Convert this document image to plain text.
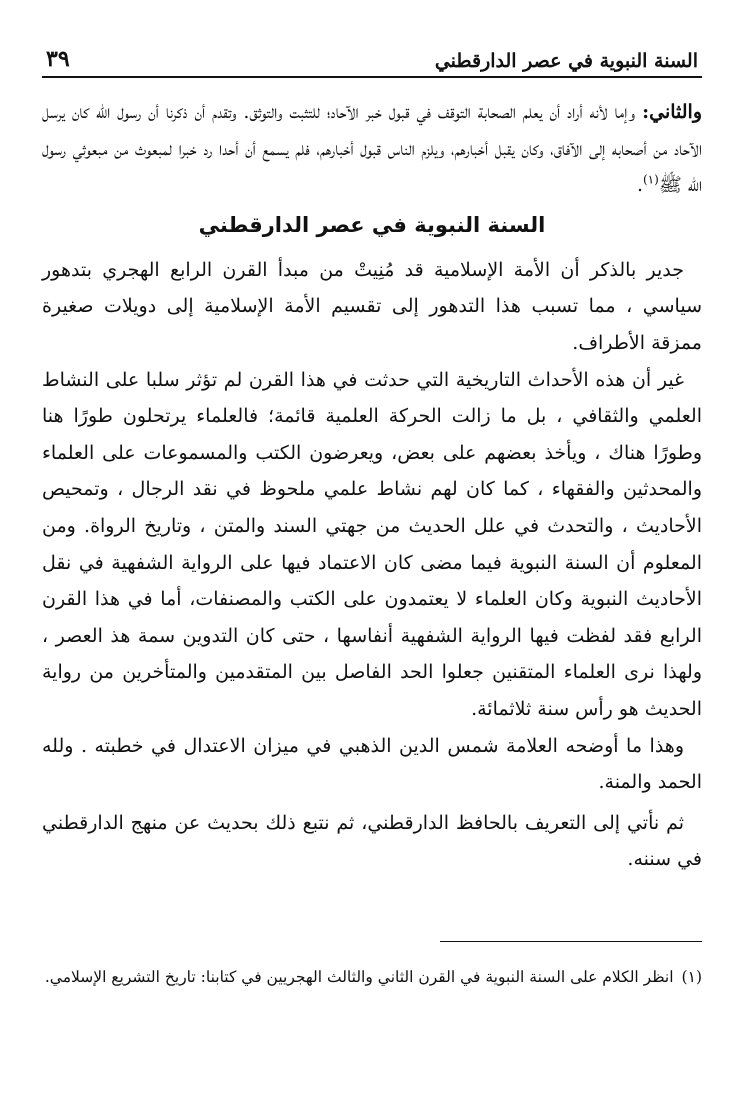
السنة النبوية في عصر الدارقطني
٣٩

والثاني: وإما لأنه أراد أن يعلم الصحابة التوقف في قبول خبر الآحاد؛ للتثبت والتوثق. وتقدم أن ذكرنا أن رسول الله كان يرسل الآحاد من أصحابه إلى الآفاق، وكان يقبل أخبارهم، ويلزم الناس قبول أخبارهم، فلم يسمع أن أحدا رد خبرا لمبعوث من مبعوثي رسول الله ﷺ$^{(١)}$.

السنة النبوية في عصر الدارقطني

جدير بالذكر أن الأمة الإسلامية قد مُنِيتْ من مبدأ القرن الرابع الهجري بتدهور سياسي ، مما تسبب هذا التدهور إلى تقسيم الأمة الإسلامية إلى دويلات صغيرة ممزقة الأطراف.

غير أن هذه الأحداث التاريخية التي حدثت في هذا القرن لم تؤثر سلبا على النشاط العلمي والثقافي ، بل ما زالت الحركة العلمية قائمة؛ فالعلماء يرتحلون طورًا هنا وطورًا هناك ، ويأخذ بعضهم على بعض، ويعرضون الكتب والمسموعات على العلماء والمحدثين والفقهاء ، كما كان لهم نشاط علمي ملحوظ في نقد الرجال ، وتمحيص الأحاديث ، والتحدث في علل الحديث من جهتي السند والمتن ، وتاريخ الرواة. ومن المعلوم أن السنة النبوية فيما مضى كان الاعتماد فيها على الرواية الشفهية في نقل الأحاديث النبوية وكان العلماء لا يعتمدون على الكتب والمصنفات، أما في هذا القرن الرابع فقد لفظت فيها الرواية الشفهية أنفاسها ، حتى كان التدوين سمة هذ العصر ، ولهذا نرى العلماء المتقنين جعلوا الحد الفاصل بين المتقدمين والمتأخرين من رواية الحديث هو رأس سنة ثلاثمائة.

وهذا ما أوضحه العلامة شمس الدين الذهبي في ميزان الاعتدال في خطبته . ولله الحمد والمنة.

ثم نأتي إلى التعريف بالحافظ الدارقطني، ثم نتبع ذلك بحديث عن منهج الدارقطني في سننه.

(١)انظر الكلام على السنة النبوية في القرن الثاني والثالث الهجريين في كتابنا: تاريخ التشريع الإسلامي.
